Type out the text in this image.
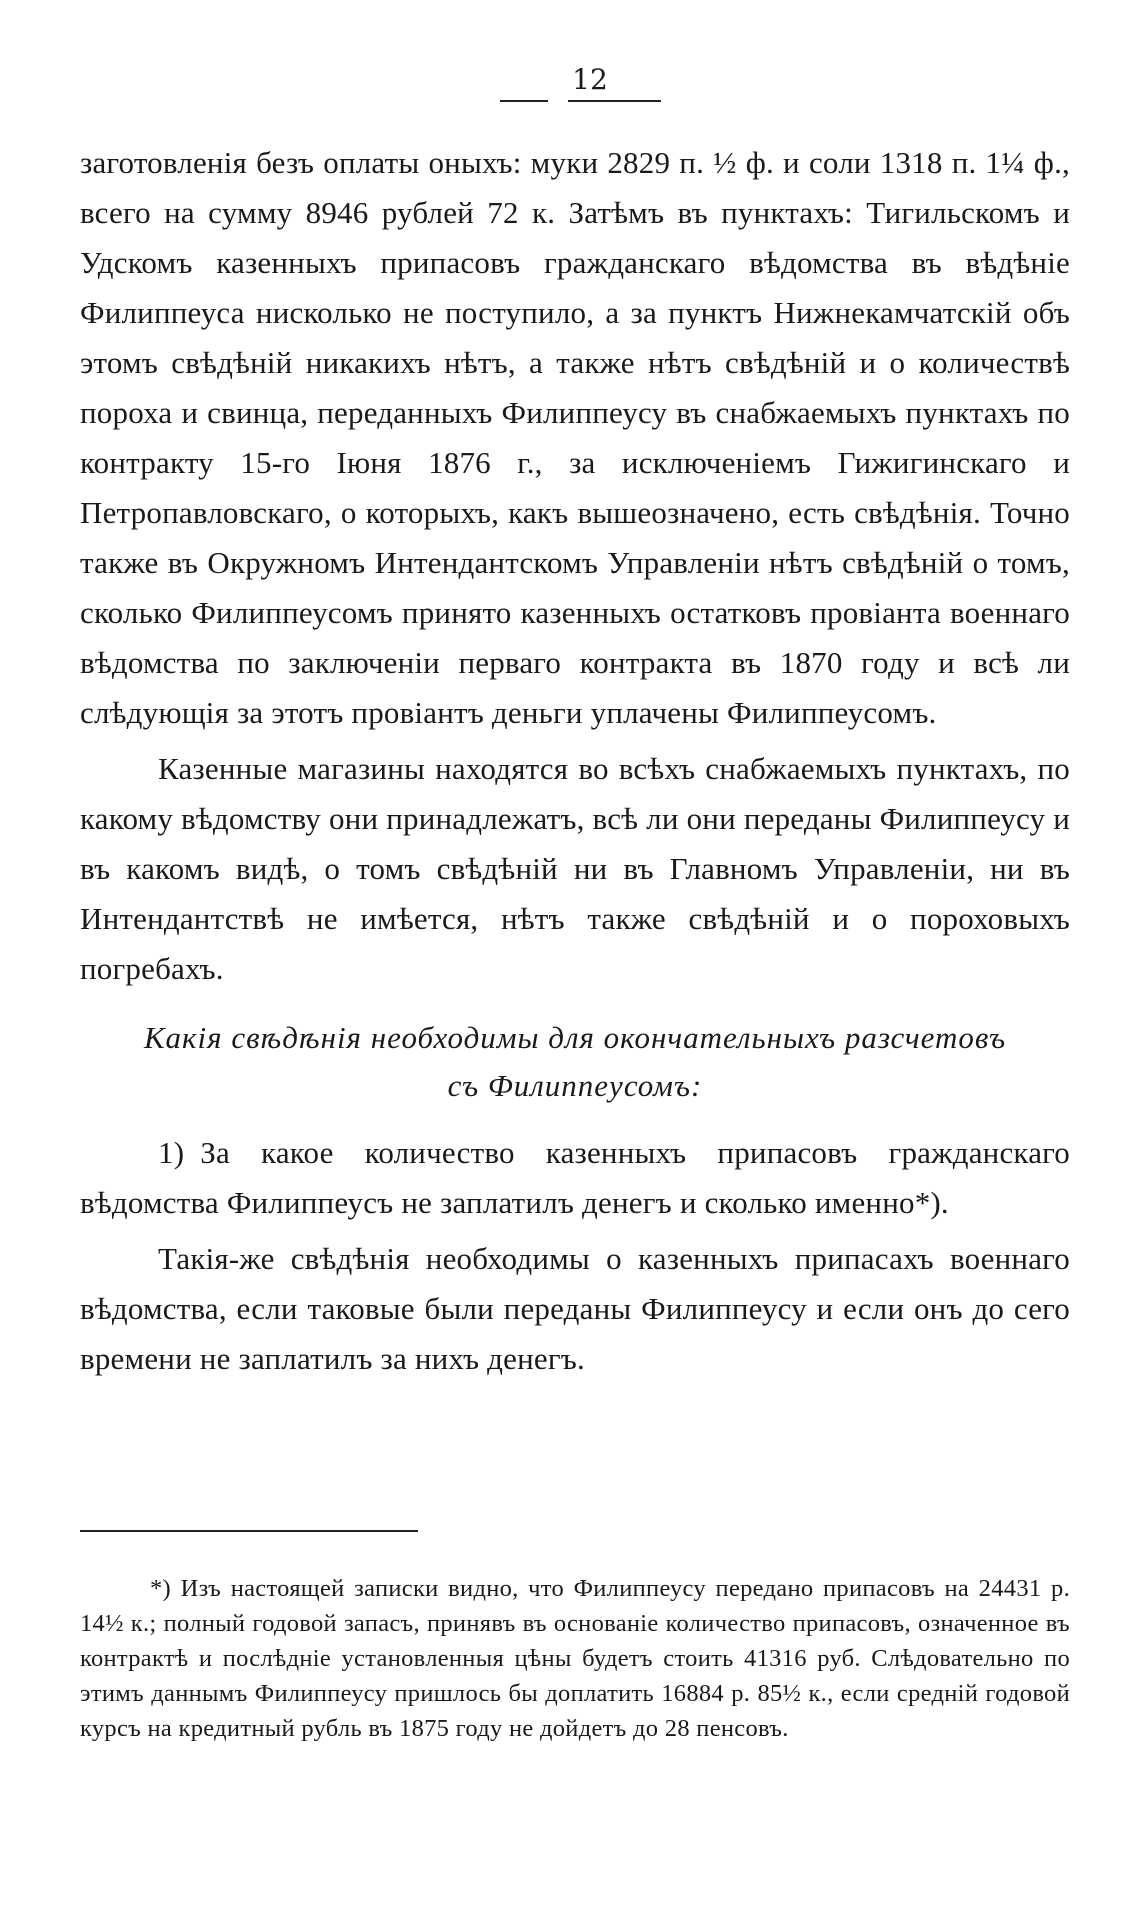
12

заготовленія безъ оплаты оныхъ: муки 2829 п. ½ ф. и соли 1318 п. 1¼ ф., всего на сумму 8946 рублей 72 к. Затѣмъ въ пунктахъ: Тигильскомъ и Удскомъ казенныхъ припасовъ гражданскаго вѣдомства въ вѣдѣніе Филиппеуса нисколько не поступило, а за пунктъ Нижнекамчатскій объ этомъ свѣдѣній никакихъ нѣтъ, а также нѣтъ свѣдѣній и о количествѣ пороха и свинца, переданныхъ Филиппеусу въ снабжаемыхъ пунктахъ по контракту 15-го Іюня 1876 г., за исключеніемъ Гижигинскаго и Петропавловскаго, о которыхъ, какъ вышеозначено, есть свѣдѣнія. Точно также въ Окружномъ Интендантскомъ Управленіи нѣтъ свѣдѣній о томъ, сколько Филиппеусомъ принято казенныхъ остатковъ провіанта военнаго вѣдомства по заключеніи перваго контракта въ 1870 году и всѣ ли слѣдующія за этотъ провіантъ деньги уплачены Филиппеусомъ.

Казенные магазины находятся во всѣхъ снабжаемыхъ пунктахъ, по какому вѣдомству они принадлежатъ, всѣ ли они переданы Филиппеусу и въ какомъ видѣ, о томъ свѣдѣній ни въ Главномъ Управленіи, ни въ Интендантствѣ не имѣется, нѣтъ также свѣдѣній и о пороховыхъ погребахъ.

Какія свѣдѣнія необходимы для окончательныхъ разсчетовъ
съ Филиппеусомъ:

1) За какое количество казенныхъ припасовъ гражданскаго вѣдомства Филиппеусъ не заплатилъ денегъ и сколько именно*).

Такія-же свѣдѣнія необходимы о казенныхъ припасахъ военнаго вѣдомства, если таковые были переданы Филиппеусу и если онъ до сего времени не заплатилъ за нихъ денегъ.

*) Изъ настоящей записки видно, что Филиппеусу передано припасовъ на 24431 р. 14½ к.; полный годовой запасъ, принявъ въ основаніе количество припасовъ, означенное въ контрактѣ и послѣдніе установленныя цѣны будетъ стоить 41316 руб. Слѣдовательно по этимъ даннымъ Филиппеусу пришлось бы доплатить 16884 р. 85½ к., если средній годовой курсъ на кредитный рубль въ 1875 году не дойдетъ до 28 пенсовъ.
